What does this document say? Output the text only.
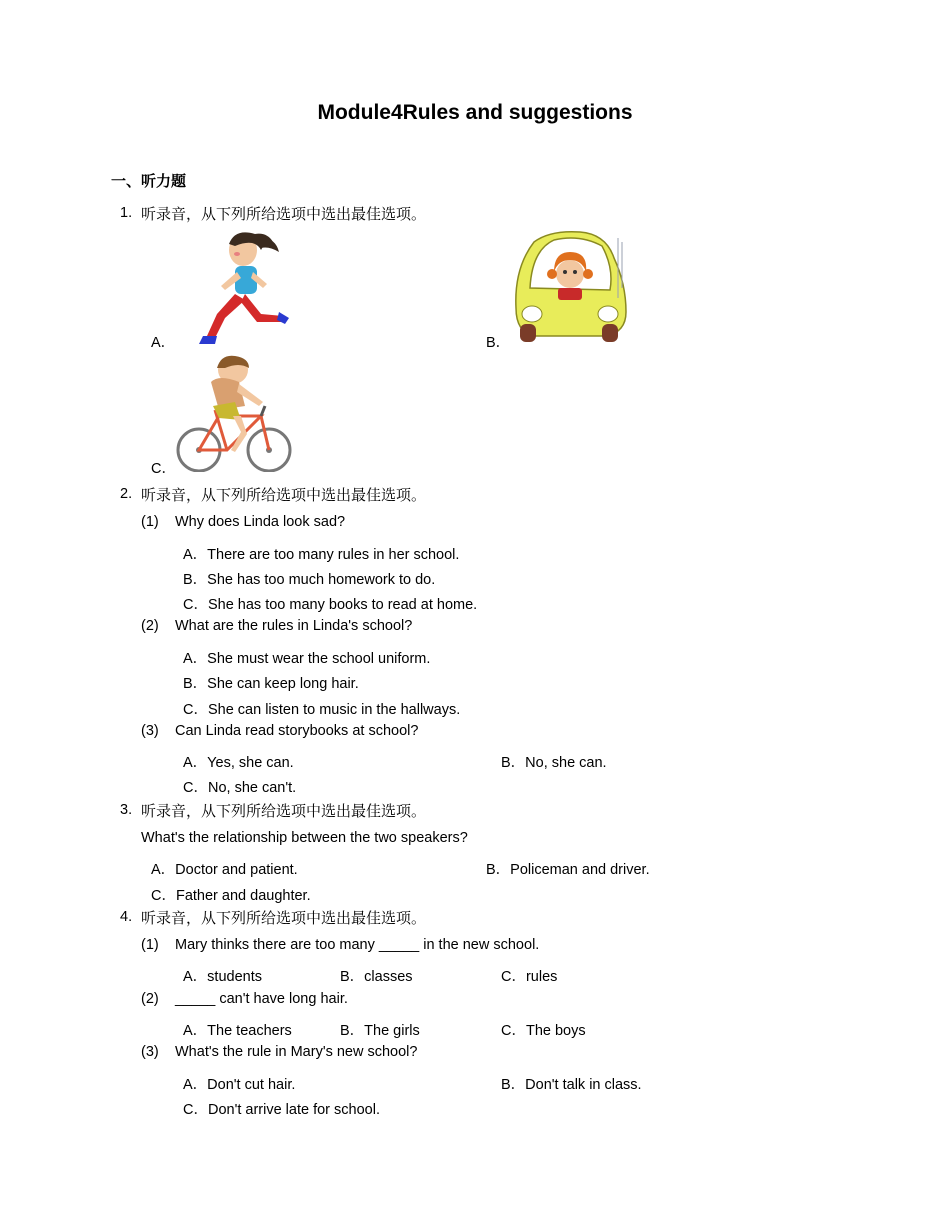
Module4Rules and suggestions
一、听力题
1. 听录音，从下列所给选项中选出最佳选项。
A．	B．
C．
2. 听录音，从下列所给选项中选出最佳选项。
(1) Why does Linda look sad?
A．There are too many rules in her school.
B．She has too much homework to do.
C．She has too many books to read at home.
(2) What are the rules in Linda's school?
A．She must wear the school uniform.
B．She can keep long hair.
C．She can listen to music in the hallways.
(3) Can Linda read storybooks at school?
A．Yes, she can.	B．No, she can.
C．No, she can't.
3. 听录音，从下列所给选项中选出最佳选项。
What's the relationship between the two speakers?
A．Doctor and patient.	B．Policeman and driver.
C．Father and daughter.
4. 听录音，从下列所给选项中选出最佳选项。
(1) Mary thinks there are too many _____ in the new school.
A．students	B．classes	C．rules
(2) _____ can't have long hair.
A．The teachers	B．The girls	C．The boys
(3) What's the rule in Mary's new school?
A．Don't cut hair.	B．Don't talk in class.
C．Don't arrive late for school.
